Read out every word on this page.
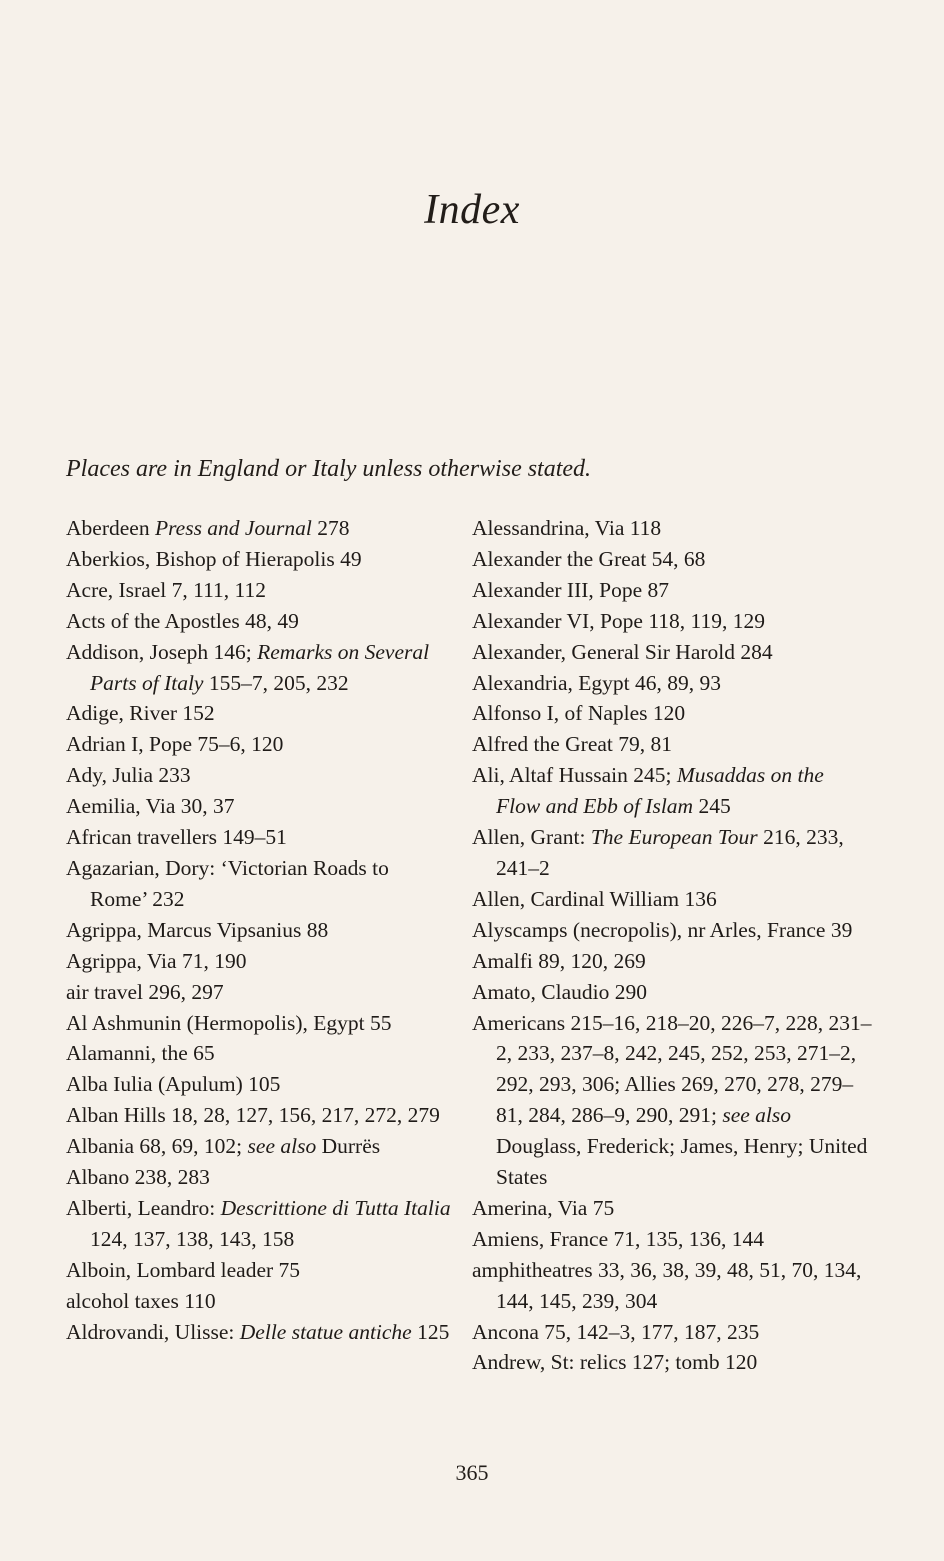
Index
Places are in England or Italy unless otherwise stated.
Aberdeen Press and Journal 278
Aberkios, Bishop of Hierapolis 49
Acre, Israel 7, 111, 112
Acts of the Apostles 48, 49
Addison, Joseph 146; Remarks on Several Parts of Italy 155–7, 205, 232
Adige, River 152
Adrian I, Pope 75–6, 120
Ady, Julia 233
Aemilia, Via 30, 37
African travellers 149–51
Agazarian, Dory: ‘Victorian Roads to Rome’ 232
Agrippa, Marcus Vipsanius 88
Agrippa, Via 71, 190
air travel 296, 297
Al Ashmunin (Hermopolis), Egypt 55
Alamanni, the 65
Alba Iulia (Apulum) 105
Alban Hills 18, 28, 127, 156, 217, 272, 279
Albania 68, 69, 102; see also Durrës
Albano 238, 283
Alberti, Leandro: Descrittione di Tutta Italia 124, 137, 138, 143, 158
Alboin, Lombard leader 75
alcohol taxes 110
Aldrovandi, Ulisse: Delle statue antiche 125
Alessandrina, Via 118
Alexander the Great 54, 68
Alexander III, Pope 87
Alexander VI, Pope 118, 119, 129
Alexander, General Sir Harold 284
Alexandria, Egypt 46, 89, 93
Alfonso I, of Naples 120
Alfred the Great 79, 81
Ali, Altaf Hussain 245; Musaddas on the Flow and Ebb of Islam 245
Allen, Grant: The European Tour 216, 233, 241–2
Allen, Cardinal William 136
Alyscamps (necropolis), nr Arles, France 39
Amalfi 89, 120, 269
Amato, Claudio 290
Americans 215–16, 218–20, 226–7, 228, 231–2, 233, 237–8, 242, 245, 252, 253, 271–2, 292, 293, 306; Allies 269, 270, 278, 279–81, 284, 286–9, 290, 291; see also Douglass, Frederick; James, Henry; United States
Amerina, Via 75
Amiens, France 71, 135, 136, 144
amphitheatres 33, 36, 38, 39, 48, 51, 70, 134, 144, 145, 239, 304
Ancona 75, 142–3, 177, 187, 235
Andrew, St: relics 127; tomb 120
365
